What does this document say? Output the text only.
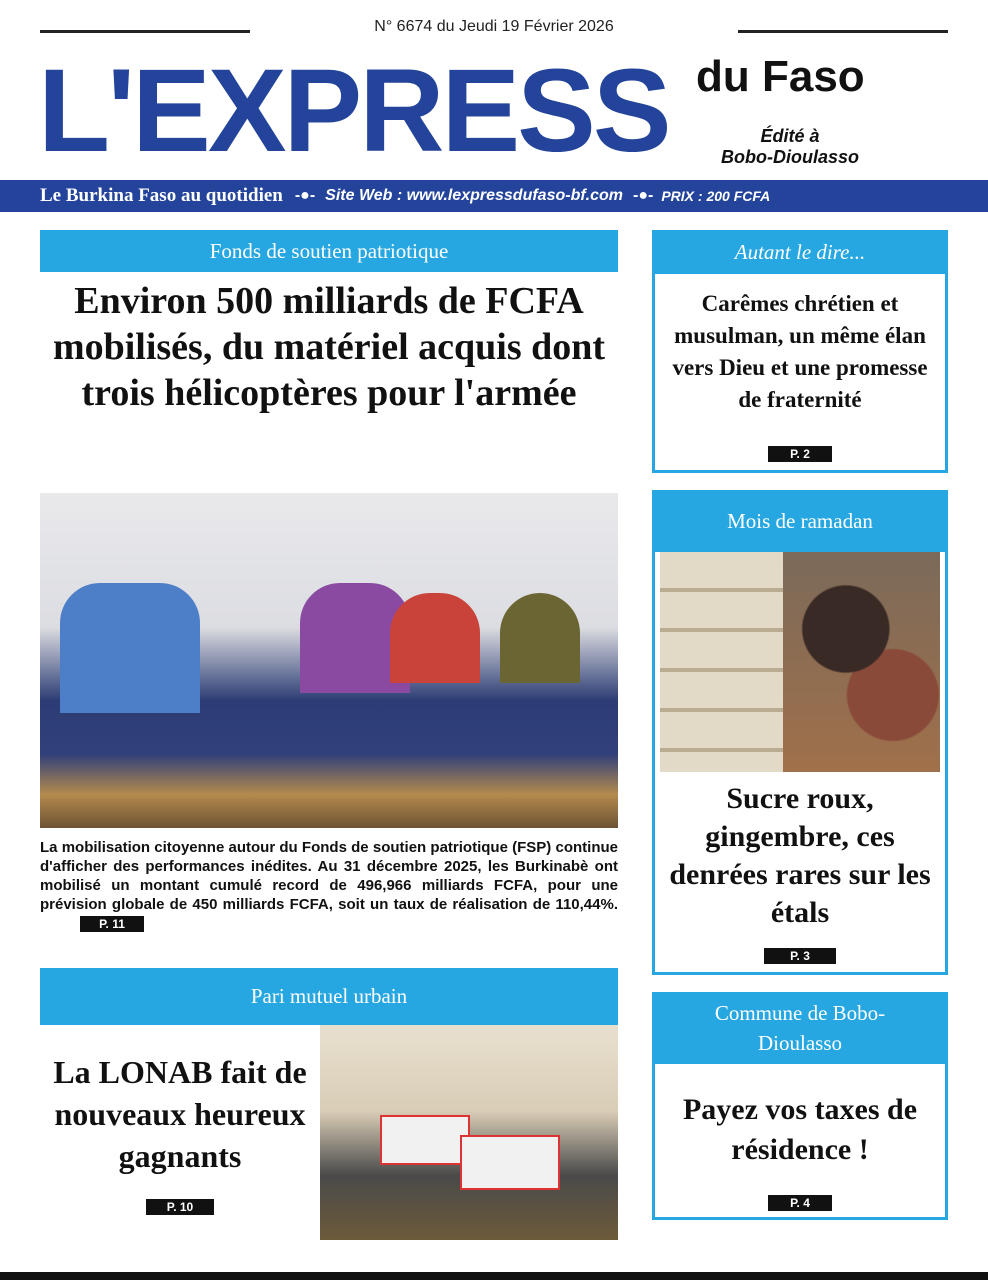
N° 6674 du Jeudi 19 Février 2026
L'EXPRESS du Faso
Édité à
Bobo-Dioulasso
Le Burkina Faso au quotidien -●- Site Web : www.lexpressdufaso-bf.com -●- PRIX : 200 FCFA
Fonds de soutien patriotique
Environ 500 milliards de FCFA mobilisés, du matériel acquis dont trois hélicoptères pour l'armée
La mobilisation citoyenne autour du Fonds de soutien patriotique (FSP) continue d'afficher des performances inédites. Au 31 décembre 2025, les Burkinabè ont mobilisé un montant cumulé record de 496,966 milliards FCFA, pour une prévision globale de 450 milliards FCFA, soit un taux de réalisation de 110,44%. P. 11
Pari mutuel urbain
La LONAB fait de nouveaux heureux gagnants
P. 10
Autant le dire...
Carêmes chrétien et musulman, un même élan vers Dieu et une promesse de fraternité
P. 2
Mois de ramadan
Sucre roux, gingembre, ces denrées rares sur les étals
P. 3
Commune de Bobo-Dioulasso
Payez vos taxes de résidence !
P. 4
